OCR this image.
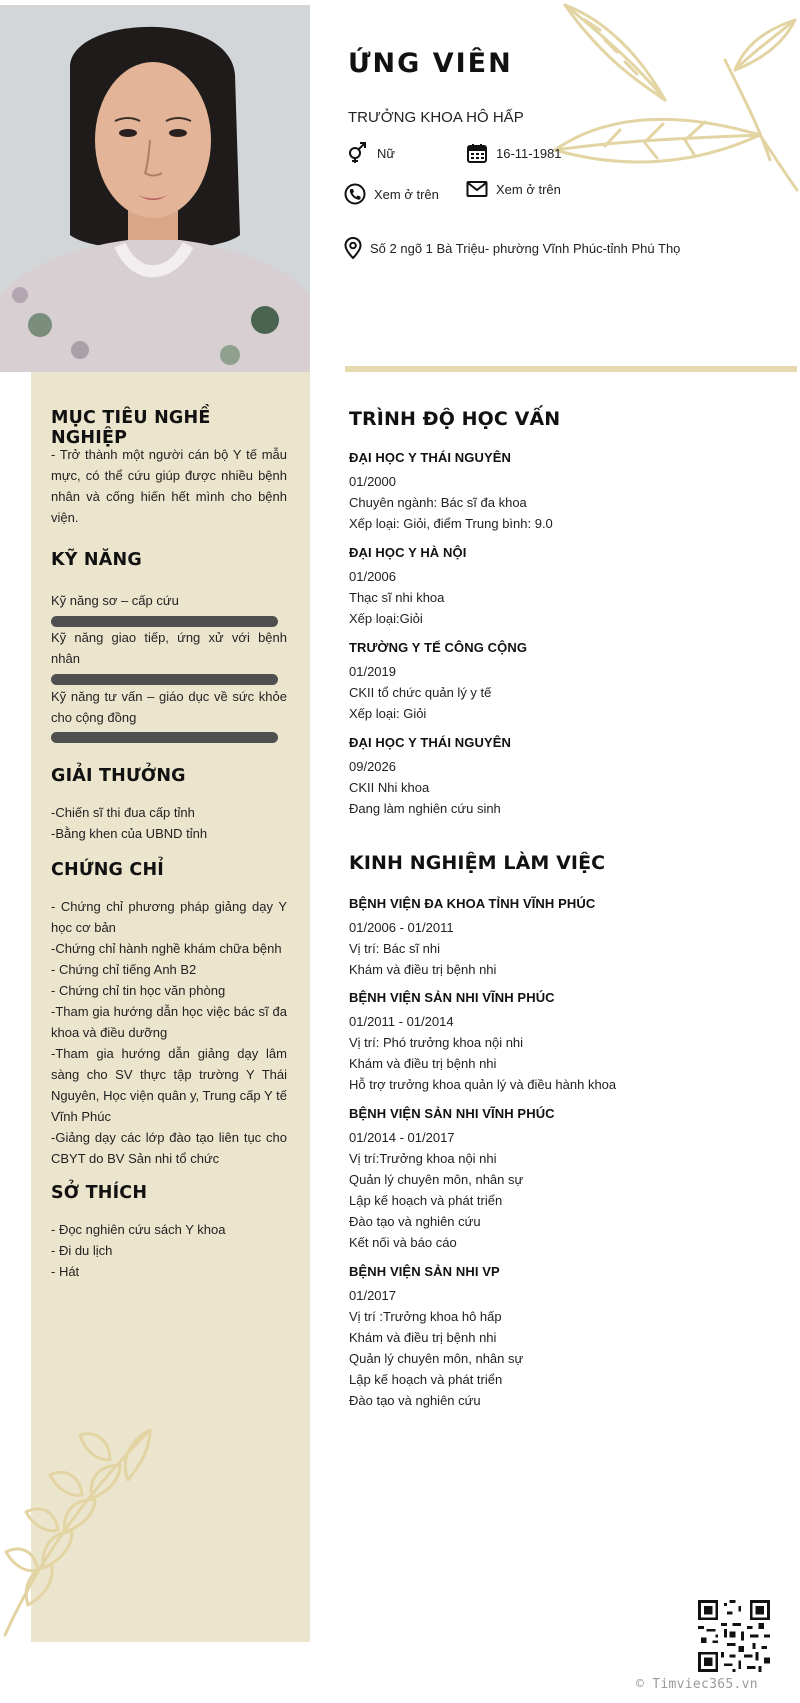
MỤC TIÊU NGHỀ NGHIỆP
- Trở thành một người cán bộ Y tế mẫu mực, có thể cứu giúp được nhiều bệnh nhân và cống hiến hết mình cho bệnh viện.
KỸ NĂNG
Kỹ năng sơ – cấp cứu
Kỹ năng giao tiếp, ứng xử với bệnh nhân
Kỹ năng tư vấn – giáo dục về sức khỏe cho cộng đồng
GIẢI THƯỞNG
-Chiến sĩ thi đua cấp tỉnh
-Bằng khen của UBND tỉnh
CHỨNG CHỈ
- Chứng chỉ phương pháp giảng dạy Y học cơ bản
-Chứng chỉ hành nghề khám chữa bệnh
- Chứng chỉ tiếng Anh B2
- Chứng chỉ tin học văn phòng
-Tham gia hướng dẫn học việc bác sĩ đa khoa và điều dưỡng
-Tham gia hướng dẫn giảng dạy lâm sàng cho SV thực tập trường Y Thái Nguyên, Học viện quân y, Trung cấp Y tế Vĩnh Phúc
-Giảng dạy các lớp đào tạo liên tục cho CBYT do BV Sản nhi tổ chức
SỞ THÍCH
- Đọc nghiên cứu sách Y khoa
- Đi du lịch
- Hát
ỨNG VIÊN
TRƯỞNG KHOA HÔ HẤP
Nữ	16-11-1981
Xem ở trên	Xem ở trên
Số 2 ngõ 1 Bà Triệu- phường Vĩnh Phúc-tỉnh Phú Thọ
TRÌNH ĐỘ HỌC VẤN
ĐẠI HỌC Y THÁI NGUYÊN
01/2000
Chuyên ngành: Bác sĩ đa khoa
Xếp loại: Giỏi, điểm Trung bình: 9.0
ĐẠI HỌC Y HÀ NỘI
01/2006
Thạc sĩ nhi khoa
Xếp loại:Giỏi
TRƯỜNG Y TẾ CÔNG CỘNG
01/2019
CKII tổ chức quản lý y tế
Xếp loại: Giỏi
ĐẠI HỌC Y THÁI NGUYÊN
09/2026
CKII Nhi khoa
Đang làm nghiên cứu sinh
KINH NGHIỆM LÀM VIỆC
BỆNH VIỆN ĐA KHOA TỈNH VĨNH PHÚC
01/2006 - 01/2011
Vị trí: Bác sĩ nhi
Khám và điều trị bệnh nhi
BỆNH VIỆN SẢN NHI VĨNH PHÚC
01/2011 - 01/2014
Vị trí: Phó trưởng khoa nội nhi
Khám và điều trị bệnh nhi
Hỗ trợ trưởng khoa quản lý và điều hành khoa
BỆNH VIỆN SẢN NHI VĨNH PHÚC
01/2014 - 01/2017
Vị trí:Trưởng khoa nội nhi
Quản lý chuyên môn, nhân sự
Lập kế hoạch và phát triển
Đào tạo và nghiên cứu
Kết nối và báo cáo
BỆNH VIỆN SẢN NHI VP
01/2017
Vị trí :Trưởng khoa hô hấp
Khám và điều trị bệnh nhi
Quản lý chuyên môn, nhân sự
Lập kế hoạch và phát triển
Đào tạo và nghiên cứu
© Timviec365.vn
